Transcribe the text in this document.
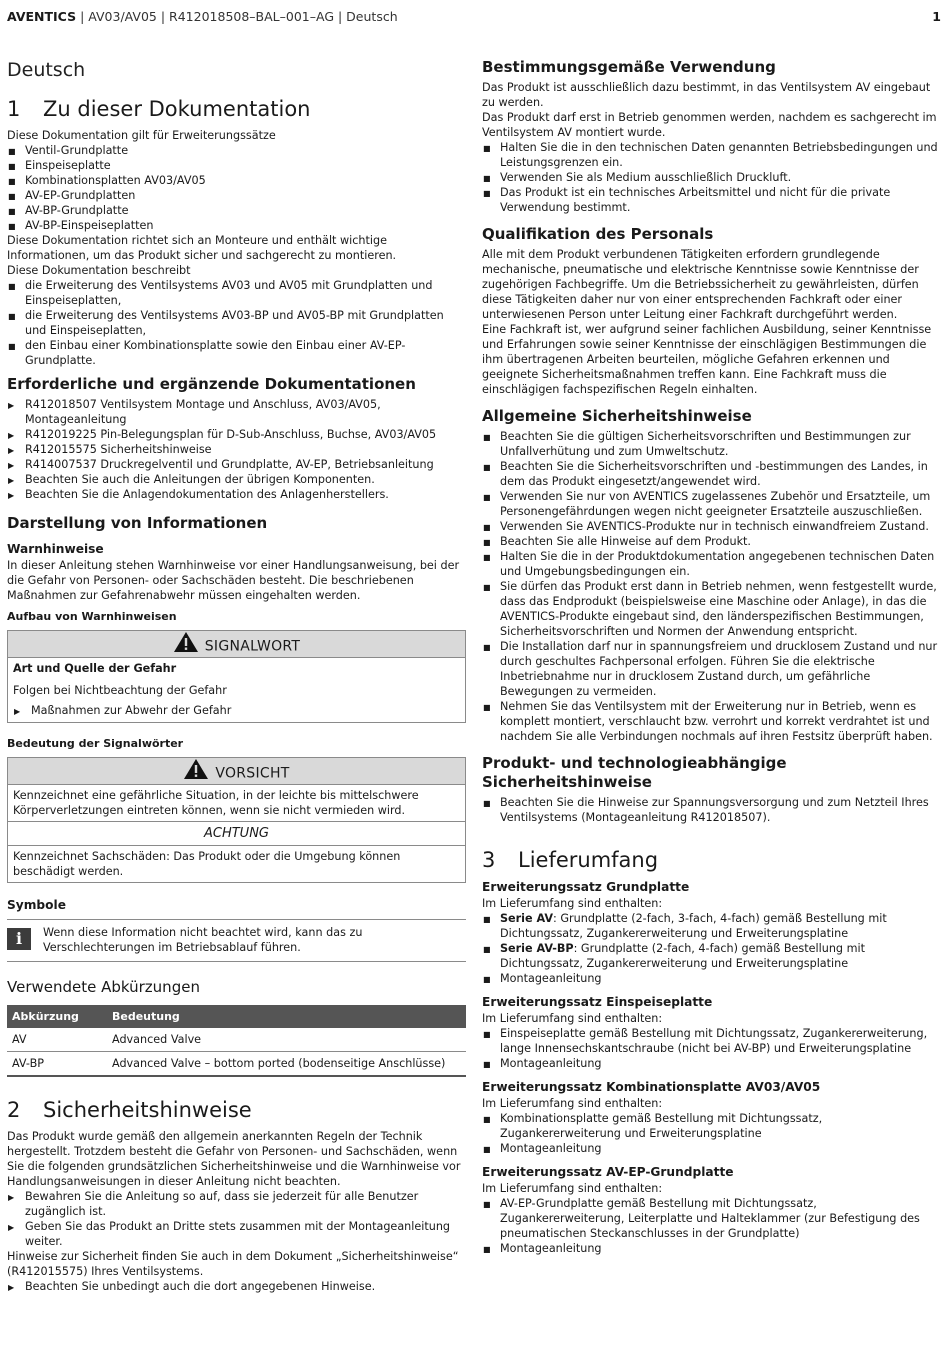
AVENTICS | AV03/AV05 | R412018508–BAL–001–AG | Deutsch	1
Deutsch
1 Zu dieser Dokumentation

Diese Dokumentation gilt für Erweiterungssätze

■ Ventil-Grundplatte
■ Einspeiseplatte
■ Kombinationsplatten AV03/AV05
■ AV-EP-Grundplatten
■ AV-BP-Grundplatte
■ AV-BP-Einspeiseplatten

Diese Dokumentation richtet sich an Monteure und enthält wichtige Informationen, um das Produkt sicher und sachgerecht zu montieren.

Diese Dokumentation beschreibt

■ die Erweiterung des Ventilsystems AV03 und AV05 mit Grundplatten und Einspeiseplatten,
■ die Erweiterung des Ventilsystems AV03-BP und AV05-BP mit Grundplatten und Einspeiseplatten,
■ den Einbau einer Kombinationsplatte sowie den Einbau einer AV-EP-Grundplatte.
Erforderliche und ergänzende Dokumentationen
▶ R412018507 Ventilsystem Montage und Anschluss, AV03/AV05, Montageanleitung
▶ R412019225 Pin-Belegungsplan für D-Sub-Anschluss, Buchse, AV03/AV05
▶ R412015575 Sicherheitshinweise
▶ R414007537 Druckregelventil und Grundplatte, AV-EP, Betriebsanleitung
▶ Beachten Sie auch die Anleitungen der übrigen Komponenten.
▶ Beachten Sie die Anlagendokumentation des Anlagenherstellers.
Darstellung von Informationen
Warnhinweise

In dieser Anleitung stehen Warnhinweise vor einer Handlungsanweisung, bei der die Gefahr von Personen- oder Sachschäden besteht. Die beschriebenen Maßnahmen zur Gefahrenabwehr müssen eingehalten werden.

Aufbau von Warnhinweisen
SIGNALWORT
Art und Quelle der Gefahr
Folgen bei Nichtbeachtung der Gefahr
▶ Maßnahmen zur Abwehr der Gefahr
Bedeutung der Signalwörter
VORSICHT
Kennzeichnet eine gefährliche Situation, in der leichte bis mittelschwere Körperverletzungen eintreten können, wenn sie nicht vermieden wird.
ACHTUNG
Kennzeichnet Sachschäden: Das Produkt oder die Umgebung können beschädigt werden.
Symbole
i	Wenn diese Information nicht beachtet wird, kann das zu Verschlechterungen im Betriebsablauf führen.
Verwendete Abkürzungen
Abkürzung	Bedeutung
AV	Advanced Valve
AV-BP	Advanced Valve – bottom ported (bodenseitige Anschlüsse)
2 Sicherheitshinweise

Das Produkt wurde gemäß den allgemein anerkannten Regeln der Technik hergestellt. Trotzdem besteht die Gefahr von Personen- und Sachschäden, wenn Sie die folgenden grundsätzlichen Sicherheitshinweise und die Warnhinweise vor Handlungsanweisungen in dieser Anleitung nicht beachten.

▶ Bewahren Sie die Anleitung so auf, dass sie jederzeit für alle Benutzer zugänglich ist.
▶ Geben Sie das Produkt an Dritte stets zusammen mit der Montageanleitung weiter.

Hinweise zur Sicherheit finden Sie auch in dem Dokument „Sicherheitshinweise“ (R412015575) Ihres Ventilsystems.

▶ Beachten Sie unbedingt auch die dort angegebenen Hinweise.
Bestimmungsgemäße Verwendung

Das Produkt ist ausschließlich dazu bestimmt, in das Ventilsystem AV eingebaut zu werden.

Das Produkt darf erst in Betrieb genommen werden, nachdem es sachgerecht im Ventilsystem AV montiert wurde.

■ Halten Sie die in den technischen Daten genannten Betriebsbedingungen und Leistungsgrenzen ein.
■ Verwenden Sie als Medium ausschließlich Druckluft.
■ Das Produkt ist ein technisches Arbeitsmittel und nicht für die private Verwendung bestimmt.
Qualifikation des Personals

Alle mit dem Produkt verbundenen Tätigkeiten erfordern grundlegende mechanische, pneumatische und elektrische Kenntnisse sowie Kenntnisse der zugehörigen Fachbegriffe. Um die Betriebssicherheit zu gewährleisten, dürfen diese Tätigkeiten daher nur von einer entsprechenden Fachkraft oder einer unterwiesenen Person unter Leitung einer Fachkraft durchgeführt werden.

Eine Fachkraft ist, wer aufgrund seiner fachlichen Ausbildung, seiner Kenntnisse und Erfahrungen sowie seiner Kenntnisse der einschlägigen Bestimmungen die ihm übertragenen Arbeiten beurteilen, mögliche Gefahren erkennen und geeignete Sicherheitsmaßnahmen treffen kann. Eine Fachkraft muss die einschlägigen fachspezifischen Regeln einhalten.

Allgemeine Sicherheitshinweise
■ Beachten Sie die gültigen Sicherheitsvorschriften und Bestimmungen zur Unfallverhütung und zum Umweltschutz.
■ Beachten Sie die Sicherheitsvorschriften und -bestimmungen des Landes, in dem das Produkt eingesetzt/angewendet wird.
■ Verwenden Sie nur von AVENTICS zugelassenes Zubehör und Ersatzteile, um Personengefährdungen wegen nicht geeigneter Ersatzteile auszuschließen.
■ Verwenden Sie AVENTICS-Produkte nur in technisch einwandfreiem Zustand.
■ Beachten Sie alle Hinweise auf dem Produkt.
■ Halten Sie die in der Produktdokumentation angegebenen technischen Daten und Umgebungsbedingungen ein.
■ Sie dürfen das Produkt erst dann in Betrieb nehmen, wenn festgestellt wurde, dass das Endprodukt (beispielsweise eine Maschine oder Anlage), in das die AVENTICS-Produkte eingebaut sind, den länderspezifischen Bestimmungen, Sicherheitsvorschriften und Normen der Anwendung entspricht.
■ Die Installation darf nur in spannungsfreiem und drucklosem Zustand und nur durch geschultes Fachpersonal erfolgen. Führen Sie die elektrische Inbetriebnahme nur in drucklosem Zustand durch, um gefährliche Bewegungen zu vermeiden.
■ Nehmen Sie das Ventilsystem mit der Erweiterung nur in Betrieb, wenn es komplett montiert, verschlaucht bzw. verrohrt und korrekt verdrahtet ist und nachdem Sie alle Verbindungen nochmals auf ihren Festsitz überprüft haben.
Produkt- und technologieabhängige Sicherheitshinweise
■ Beachten Sie die Hinweise zur Spannungsversorgung und zum Netzteil Ihres Ventilsystems (Montageanleitung R412018507).
3 Lieferumfang
Erweiterungssatz Grundplatte

Im Lieferumfang sind enthalten:

■ Serie AV: Grundplatte (2-fach, 3-fach, 4-fach) gemäß Bestellung mit Dichtungssatz, Zugankererweiterung und Erweiterungsplatine
■ Serie AV-BP: Grundplatte (2-fach, 4-fach) gemäß Bestellung mit Dichtungssatz, Zugankererweiterung und Erweiterungsplatine
■ Montageanleitung
Erweiterungssatz Einspeiseplatte

Im Lieferumfang sind enthalten:

■ Einspeiseplatte gemäß Bestellung mit Dichtungssatz, Zugankererweiterung, lange Innensechskantschraube (nicht bei AV-BP) und Erweiterungsplatine
■ Montageanleitung
Erweiterungssatz Kombinationsplatte AV03/AV05

Im Lieferumfang sind enthalten:

■ Kombinationsplatte gemäß Bestellung mit Dichtungssatz, Zugankererweiterung und Erweiterungsplatine
■ Montageanleitung
Erweiterungssatz AV-EP-Grundplatte

Im Lieferumfang sind enthalten:

■ AV-EP-Grundplatte gemäß Bestellung mit Dichtungssatz, Zugankererweiterung, Leiterplatte und Halteklammer (zur Befestigung des pneumatischen Steckanschlusses in der Grundplatte)
■ Montageanleitung
